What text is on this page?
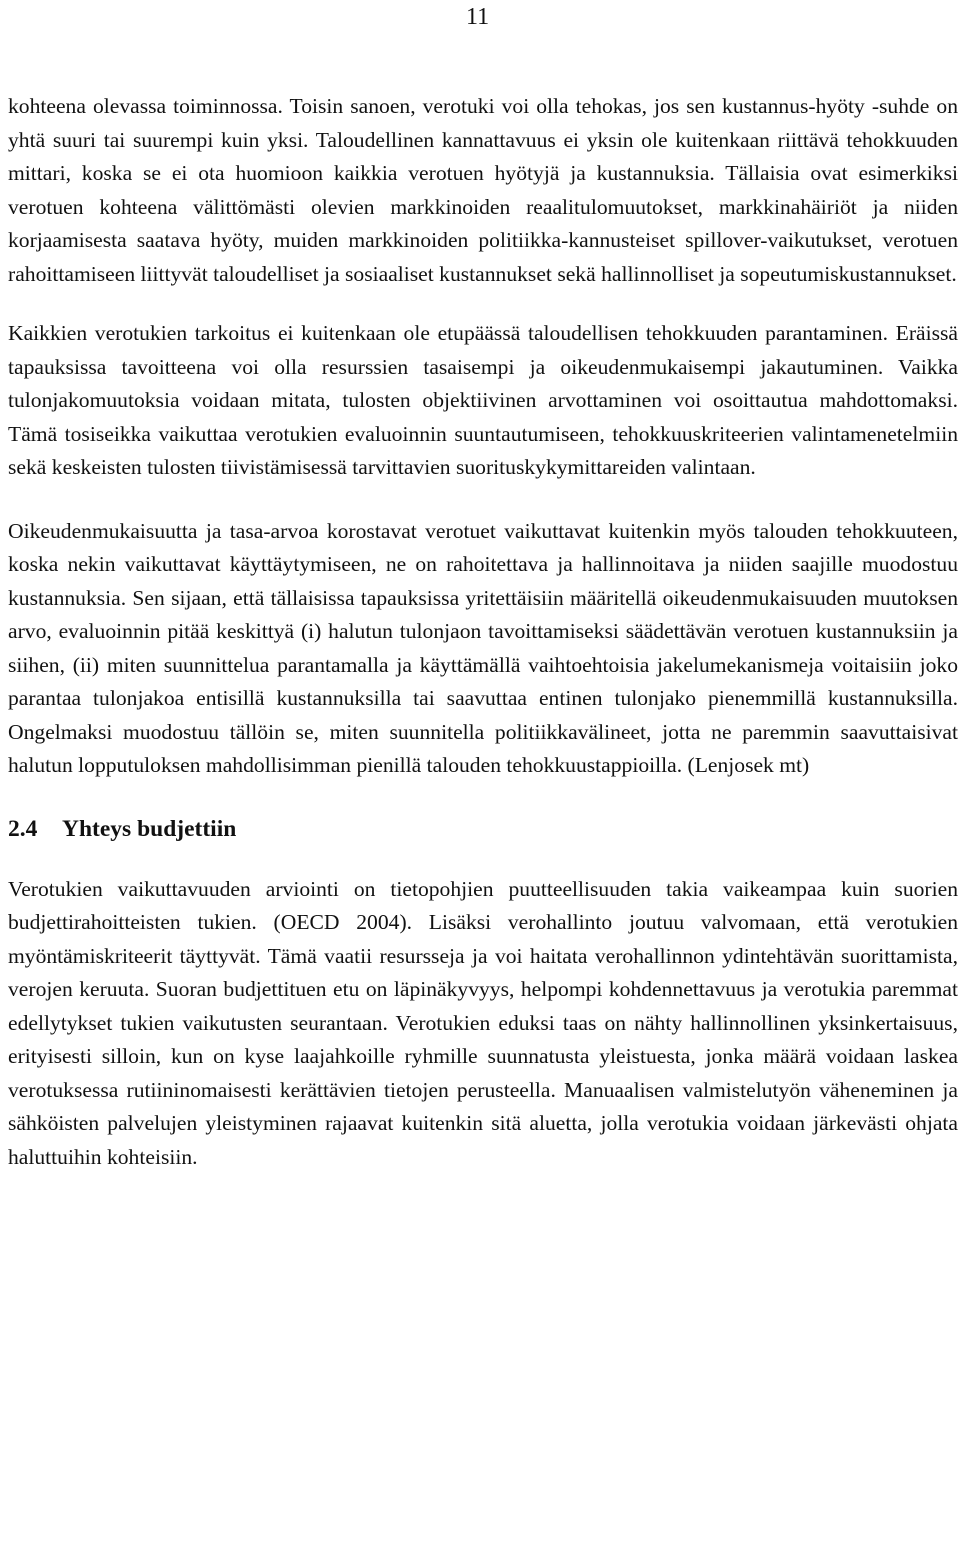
11

kohteena olevassa toiminnossa. Toisin sanoen, verotuki voi olla tehokas, jos sen kustannus-hyöty -suhde on yhtä suuri tai suurempi kuin yksi. Taloudellinen kannattavuus ei yksin ole kuitenkaan riittävä tehokkuuden mittari, koska se ei ota huomioon kaikkia verotuen hyötyjä ja kustannuksia. Tällaisia ovat esimerkiksi verotuen kohteena välittömästi olevien markkinoiden reaalitulomuutokset, markkinahäiriöt ja niiden korjaamisesta saatava hyöty, muiden markkinoiden politiikka-kannusteiset spillover-vaikutukset, verotuen rahoittamiseen liittyvät taloudelliset ja sosiaaliset kustannukset sekä hallinnolliset ja sopeutumiskustannukset.

Kaikkien verotukien tarkoitus ei kuitenkaan ole etupäässä taloudellisen tehokkuuden parantaminen. Eräissä tapauksissa tavoitteena voi olla resurssien tasaisempi ja oikeudenmukaisempi jakautuminen. Vaikka tulonjakomuutoksia voidaan mitata, tulosten objektiivinen arvottaminen voi osoittautua mahdottomaksi. Tämä tosiseikka vaikuttaa verotukien evaluoinnin suuntautumiseen, tehokkuuskriteerien valintamenetelmiin sekä keskeisten tulosten tiivistämisessä tarvittavien suorituskykymittareiden valintaan.

Oikeudenmukaisuutta ja tasa-arvoa korostavat verotuet vaikuttavat kuitenkin myös talouden tehokkuuteen, koska nekin vaikuttavat käyttäytymiseen, ne on rahoitettava ja hallinnoitava ja niiden saajille muodostuu kustannuksia. Sen sijaan, että tällaisissa tapauksissa yritettäisiin määritellä oikeudenmukaisuuden muutoksen arvo, evaluoinnin pitää keskittyä (i) halutun tulonjaon tavoittamiseksi säädettävän verotuen kustannuksiin ja siihen, (ii) miten suunnittelua parantamalla ja käyttämällä vaihtoehtoisia jakelumekanismeja voitaisiin joko parantaa tulonjakoa entisillä kustannuksilla tai saavuttaa entinen tulonjako pienemmillä kustannuksilla. Ongelmaksi muodostuu tällöin se, miten suunnitella politiikkavälineet, jotta ne paremmin saavuttaisivat halutun lopputuloksen mahdollisimman pienillä talouden tehokkuustappioilla. (Lenjosek mt)

2.4 Yhteys budjettiin

Verotukien vaikuttavuuden arviointi on tietopohjien puutteellisuuden takia vaikeampaa kuin suorien budjettirahoitteisten tukien. (OECD 2004). Lisäksi verohallinto joutuu valvomaan, että verotukien myöntämiskriteerit täyttyvät. Tämä vaatii resursseja ja voi haitata verohallinnon ydintehtävän suorittamista, verojen keruuta. Suoran budjettituen etu on läpinäkyvyys, helpompi kohdennettavuus ja verotukia paremmat edellytykset tukien vaikutusten seurantaan. Verotukien eduksi taas on nähty hallinnollinen yksinkertaisuus, erityisesti silloin, kun on kyse laajahkoille ryhmille suunnatusta yleistuesta, jonka määrä voidaan laskea verotuksessa rutiininomaisesti kerättävien tietojen perusteella. Manuaalisen valmistelutyön väheneminen ja sähköisten palvelujen yleistyminen rajaavat kuitenkin sitä aluetta, jolla verotukia voidaan järkevästi ohjata haluttuihin kohteisiin.
